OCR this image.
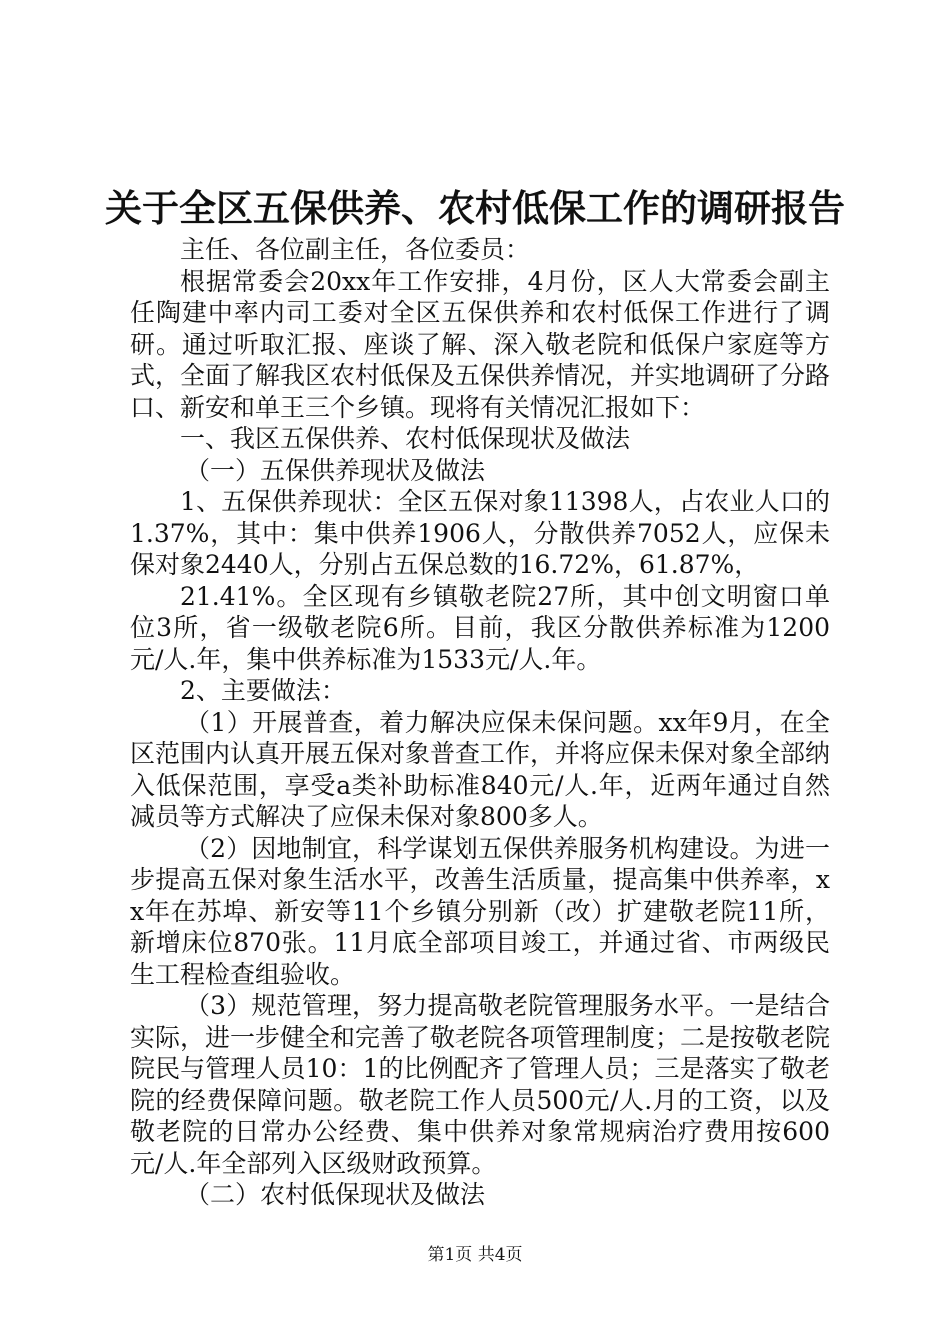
关于全区五保供养、农村低保工作的调研报告

主任、各位副主任，各位委员：

根据常委会20xx年工作安排，4月份，区人大常委会副主任陶建中率内司工委对全区五保供养和农村低保工作进行了调研。通过听取汇报、座谈了解、深入敬老院和低保户家庭等方式，全面了解我区农村低保及五保供养情况，并实地调研了分路口、新安和单王三个乡镇。现将有关情况汇报如下：

一、我区五保供养、农村低保现状及做法

（一）五保供养现状及做法

1、五保供养现状：全区五保对象11398人，占农业人口的1.37%，其中：集中供养1906人，分散供养7052人，应保未保对象2440人，分别占五保总数的16.72%，61.87%，

21.41%。全区现有乡镇敬老院27所，其中创文明窗口单位3所，省一级敬老院6所。目前，我区分散供养标准为1200元/人.年，集中供养标准为1533元/人.年。

2、主要做法：

（1）开展普查，着力解决应保未保问题。xx年9月，在全区范围内认真开展五保对象普查工作，并将应保未保对象全部纳入低保范围，享受a类补助标准840元/人.年，近两年通过自然减员等方式解决了应保未保对象800多人。

（2）因地制宜，科学谋划五保供养服务机构建设。为进一步提高五保对象生活水平，改善生活质量，提高集中供养率，xx年在苏埠、新安等11个乡镇分别新（改）扩建敬老院11所，新增床位870张。11月底全部项目竣工，并通过省、市两级民生工程检查组验收。

（3）规范管理，努力提高敬老院管理服务水平。一是结合实际，进一步健全和完善了敬老院各项管理制度；二是按敬老院院民与管理人员10：1的比例配齐了管理人员；三是落实了敬老院的经费保障问题。敬老院工作人员500元/人.月的工资，以及敬老院的日常办公经费、集中供养对象常规病治疗费用按600元/人.年全部列入区级财政预算。

（二）农村低保现状及做法

第1页 共4页
